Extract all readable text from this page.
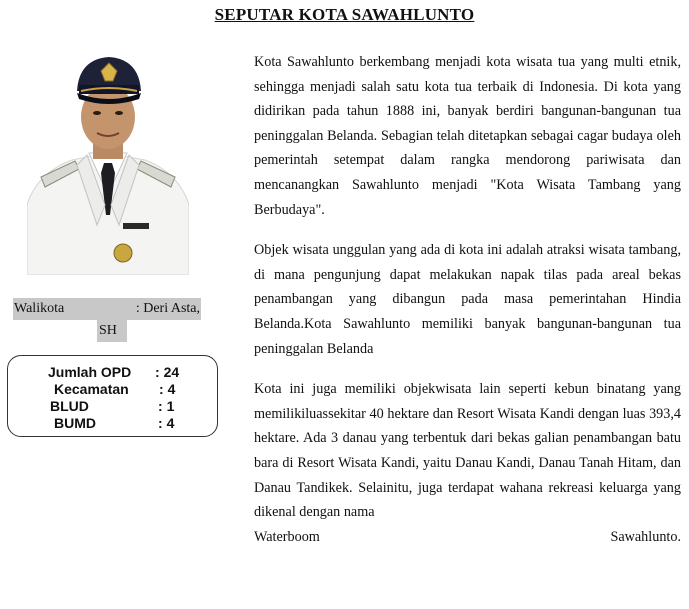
SEPUTAR KOTA SAWAHLUNTO
Walikota	: Deri Asta,
SH
Jumlah OPD : 24
Kecamatan : 4
BLUD	: 1
BUMD	: 4

Kota Sawahlunto berkembang menjadi kota wisata tua yang multi etnik, sehingga menjadi salah satu kota tua terbaik di Indonesia. Di kota yang didirikan pada tahun 1888 ini, banyak berdiri bangunan-bangunan tua peninggalan Belanda. Sebagian telah ditetapkan sebagai cagar budaya oleh pemerintah setempat dalam rangka mendorong pariwisata dan mencanangkan Sawahlunto menjadi "Kota Wisata Tambang yang Berbudaya".

Objek wisata unggulan yang ada di kota ini adalah atraksi wisata tambang, di mana pengunjung dapat melakukan napak tilas pada areal bekas penambangan yang dibangun pada masa pemerintahan Hindia Belanda.Kota Sawahlunto memiliki banyak bangunan-bangunan tua peninggalan Belanda

Kota ini juga memiliki objekwisata lain seperti kebun binatang yang memilikiluassekitar 40 hektare dan Resort Wisata Kandi dengan luas 393,4 hektare. Ada 3 danau yang terbentuk dari bekas galian penambangan batu bara di Resort Wisata Kandi, yaitu Danau Kandi, Danau Tanah Hitam, dan Danau Tandikek. Selainitu, juga terdapat wahana rekreasi keluarga yang dikenal dengan nama

Waterboom	Sawahlunto.
